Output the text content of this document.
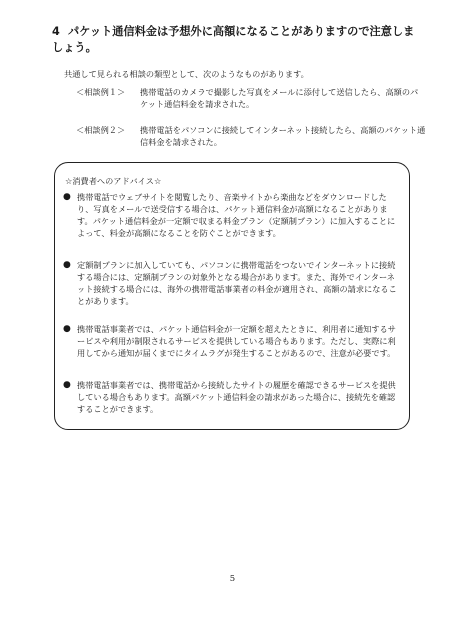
4 パケット通信料金は予想外に高額になることがありますので注意しましょう。
共通して見られる相談の類型として、次のようなものがあります。
＜相談例１＞	携帯電話のカメラで撮影した写真をメールに添付して送信したら、高額のパケット通信料金を請求された。
＜相談例２＞	携帯電話をパソコンに接続してインターネット接続したら、高額のパケット通信料金を請求された。
☆消費者へのアドバイス☆
● 携帯電話でウェブサイトを閲覧したり、音楽サイトから楽曲などをダウンロードしたり、写真をメールで送受信する場合は、パケット通信料金が高額になることがあります。パケット通信料金が一定額で収まる料金プラン（定額制プラン）に加入することによって、料金が高額になることを防ぐことができます。
● 定額制プランに加入していても、パソコンに携帯電話をつないでインターネットに接続する場合には、定額制プランの対象外となる場合があります。また、海外でインターネット接続する場合には、海外の携帯電話事業者の料金が適用され、高額の請求になることがあります。
● 携帯電話事業者では、パケット通信料金が一定額を超えたときに、利用者に通知するサービスや利用が制限されるサービスを提供している場合もあります。ただし、実際に利用してから通知が届くまでにタイムラグが発生することがあるので、注意が必要です。
● 携帯電話事業者では、携帯電話から接続したサイトの履歴を確認できるサービスを提供している場合もあります。高額パケット通信料金の請求があった場合に、接続先を確認することができます。
5
